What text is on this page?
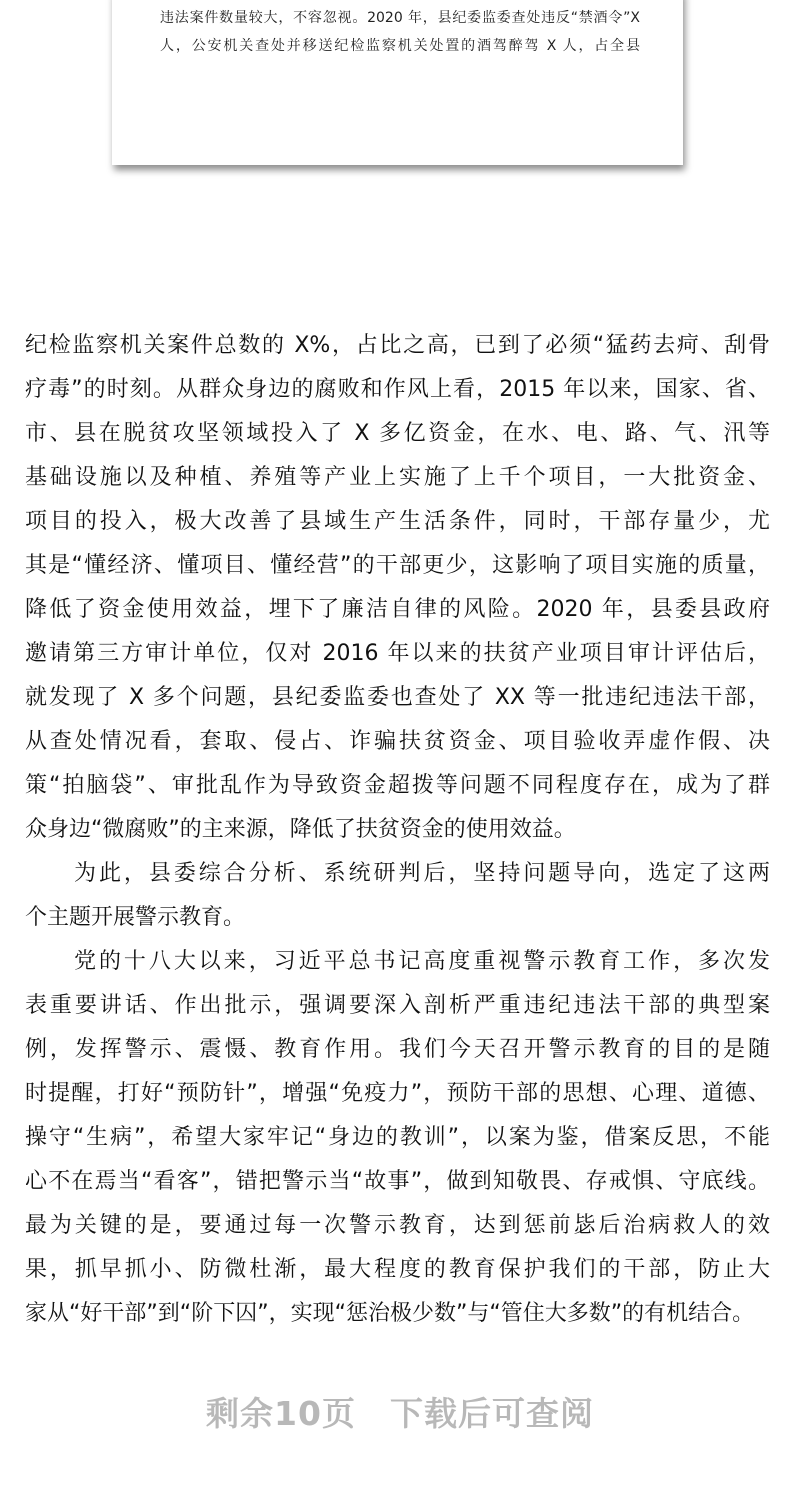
违法案件数量较大，不容忽视。2020 年，县纪委监委查处违反“禁酒令”X
人，公安机关查处并移送纪检监察机关处置的酒驾醉驾 X 人，占全县
纪检监察机关案件总数的 X%，占比之高，已到了必须“猛药去疴、刮骨
疗毒”的时刻。从群众身边的腐败和作风上看，2015 年以来，国家、省、
市、县在脱贫攻坚领域投入了 X 多亿资金，在水、电、路、气、汛等
基础设施以及种植、养殖等产业上实施了上千个项目，一大批资金、
项目的投入，极大改善了县域生产生活条件，同时，干部存量少，尤
其是“懂经济、懂项目、懂经营”的干部更少，这影响了项目实施的质量，
降低了资金使用效益，埋下了廉洁自律的风险。2020 年，县委县政府
邀请第三方审计单位，仅对 2016 年以来的扶贫产业项目审计评估后，
就发现了 X 多个问题，县纪委监委也查处了 XX 等一批违纪违法干部，
从查处情况看，套取、侵占、诈骗扶贫资金、项目验收弄虚作假、决
策“拍脑袋”、审批乱作为导致资金超拨等问题不同程度存在，成为了群
众身边“微腐败”的主来源，降低了扶贫资金的使用效益。
为此，县委综合分析、系统研判后，坚持问题导向，选定了这两
个主题开展警示教育。
党的十八大以来，习近平总书记高度重视警示教育工作，多次发
表重要讲话、作出批示，强调要深入剖析严重违纪违法干部的典型案
例，发挥警示、震慑、教育作用。我们今天召开警示教育的目的是随
时提醒，打好“预防针”，增强“免疫力”，预防干部的思想、心理、道德、
操守“生病”，希望大家牢记“身边的教训”，以案为鉴，借案反思，不能
心不在焉当“看客”，错把警示当“故事”，做到知敬畏、存戒惧、守底线。
最为关键的是，要通过每一次警示教育，达到惩前毖后治病救人的效
果，抓早抓小、防微杜渐，最大程度的教育保护我们的干部，防止大
家从“好干部”到“阶下囚”，实现“惩治极少数”与“管住大多数”的有机结合。
剩余10页　下载后可查阅
